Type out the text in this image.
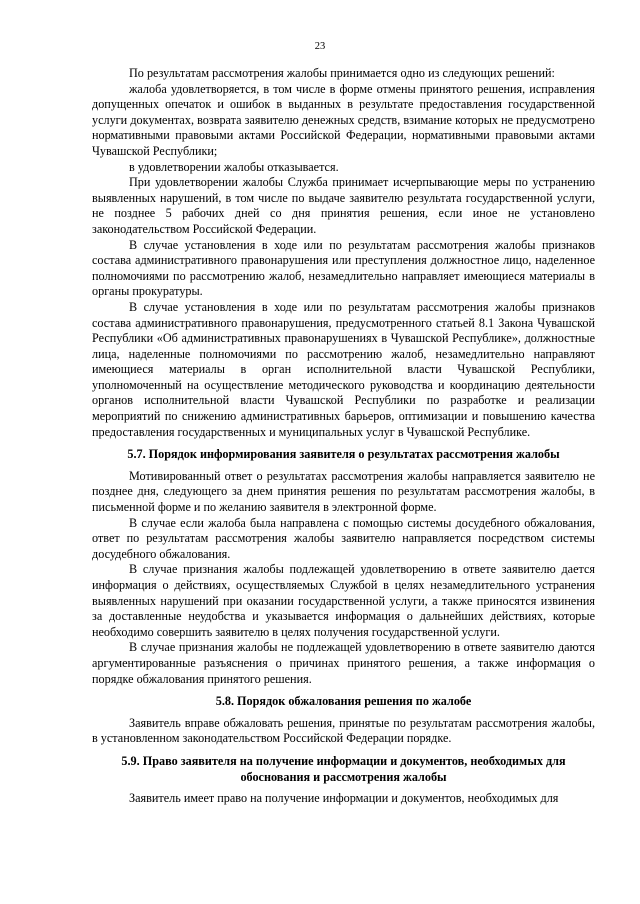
23

По результатам рассмотрения жалобы принимается одно из следующих решений:

жалоба удовлетворяется, в том числе в форме отмены принятого решения, исправления допущенных опечаток и ошибок в выданных в результате предоставления государственной услуги документах, возврата заявителю денежных средств, взимание которых не предусмотрено нормативными правовыми актами Российской Федерации, нормативными правовыми актами Чувашской Республики;

в удовлетворении жалобы отказывается.

При удовлетворении жалобы Служба принимает исчерпывающие меры по устранению выявленных нарушений, в том числе по выдаче заявителю результата государственной услуги, не позднее 5 рабочих дней со дня принятия решения, если иное не установлено законодательством Российской Федерации.

В случае установления в ходе или по результатам рассмотрения жалобы признаков состава административного правонарушения или преступления должностное лицо, наделенное полномочиями по рассмотрению жалоб, незамедлительно направляет имеющиеся материалы в органы прокуратуры.

В случае установления в ходе или по результатам рассмотрения жалобы признаков состава административного правонарушения, предусмотренного статьей 8.1 Закона Чувашской Республики «Об административных правонарушениях в Чувашской Республике», должностные лица, наделенные полномочиями по рассмотрению жалоб, незамедлительно направляют имеющиеся материалы в орган исполнительной власти Чувашской Республики, уполномоченный на осуществление методического руководства и координацию деятельности органов исполнительной власти Чувашской Республики по разработке и реализации мероприятий по снижению административных барьеров, оптимизации и повышению качества предоставления государственных и муниципальных услуг в Чувашской Республике.

5.7. Порядок информирования заявителя о результатах рассмотрения жалобы

Мотивированный ответ о результатах рассмотрения жалобы направляется заявителю не позднее дня, следующего за днем принятия решения по результатам рассмотрения жалобы, в письменной форме и по желанию заявителя в электронной форме.

В случае если жалоба была направлена с помощью системы досудебного обжалования, ответ по результатам рассмотрения жалобы заявителю направляется посредством системы досудебного обжалования.

В случае признания жалобы подлежащей удовлетворению в ответе заявителю дается информация о действиях, осуществляемых Службой в целях незамедлительного устранения выявленных нарушений при оказании государственной услуги, а также приносятся извинения за доставленные неудобства и указывается информация о дальнейших действиях, которые необходимо совершить заявителю в целях получения государственной услуги.

В случае признания жалобы не подлежащей удовлетворению в ответе заявителю даются аргументированные разъяснения о причинах принятого решения, а также информация о порядке обжалования принятого решения.

5.8. Порядок обжалования решения по жалобе

Заявитель вправе обжаловать решения, принятые по результатам рассмотрения жалобы, в установленном законодательством Российской Федерации порядке.

5.9. Право заявителя на получение информации и документов, необходимых для обоснования и рассмотрения жалобы

Заявитель имеет право на получение информации и документов, необходимых для
